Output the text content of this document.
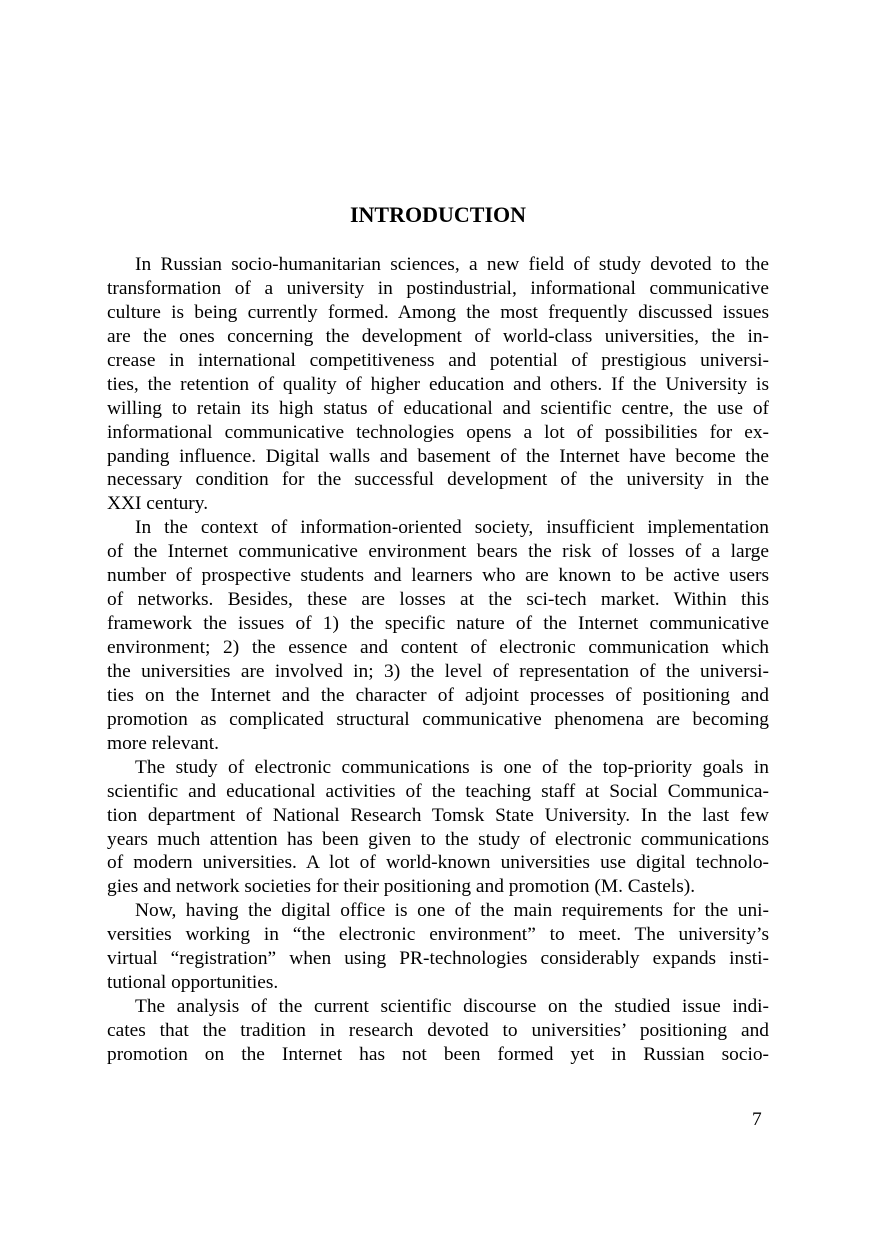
INTRODUCTION
In Russian socio-humanitarian sciences, a new field of study devoted to the
transformation of a university in postindustrial, informational communicative
culture is being currently formed. Among the most frequently discussed issues
are the ones concerning the development of world-class universities, the in-
crease in international competitiveness and potential of prestigious universi-
ties, the retention of quality of higher education and others. If the University is
willing to retain its high status of educational and scientific centre, the use of
informational communicative technologies opens a lot of possibilities for ex-
panding influence. Digital walls and basement of the Internet have become the
necessary condition for the successful development of the university in the
XXI century.
In the context of information-oriented society, insufficient implementation
of the Internet communicative environment bears the risk of losses of a large
number of prospective students and learners who are known to be active users
of networks. Besides, these are losses at the sci-tech market. Within this
framework the issues of 1) the specific nature of the Internet communicative
environment; 2) the essence and content of electronic communication which
the universities are involved in; 3) the level of representation of the universi-
ties on the Internet and the character of adjoint processes of positioning and
promotion as complicated structural communicative phenomena are becoming
more relevant.
The study of electronic communications is one of the top-priority goals in
scientific and educational activities of the teaching staff at Social Communica-
tion department of National Research Tomsk State University. In the last few
years much attention has been given to the study of electronic communications
of modern universities. A lot of world-known universities use digital technolo-
gies and network societies for their positioning and promotion (M. Castels).
Now, having the digital office is one of the main requirements for the uni-
versities working in “the electronic environment” to meet. The university’s
virtual “registration” when using PR-technologies considerably expands insti-
tutional opportunities.
The analysis of the current scientific discourse on the studied issue indi-
cates that the tradition in research devoted to universities’ positioning and
promotion on the Internet has not been formed yet in Russian socio-
7
